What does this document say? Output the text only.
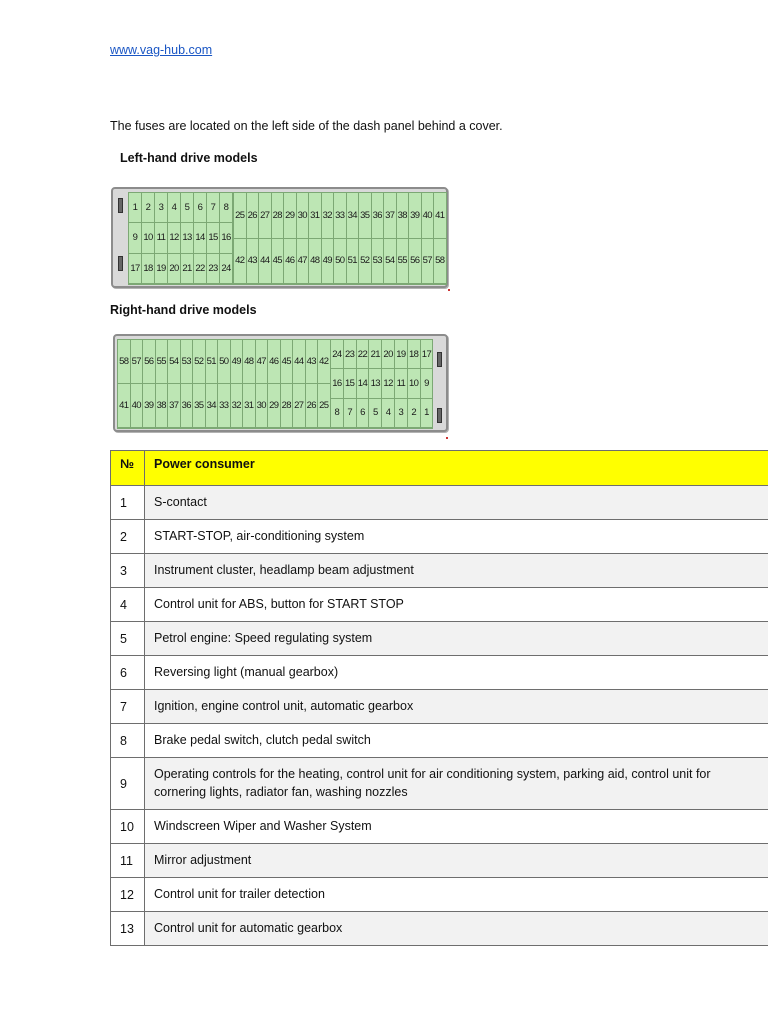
www.vag-hub.com
The fuses are located on the left side of the dash panel behind a cover.
Left-hand drive models
1 2 3 4 5 6 7 8
9 10 11 12 13 14 15 16
17 18 19 20 21 22 23 24
25 26 27 28 29 30 31 32 33 34 35 36 37 38 39 40 41
42 43 44 45 46 47 48 49 50 51 52 53 54 55 56 57 58
Right-hand drive models
58 57 56 55 54 53 52 51 50 49 48 47 46 45 44 43 42
41 40 39 38 37 36 35 34 33 32 31 30 29 28 27 26 25
24 23 22 21 20 19 18 17
16 15 14 13 12 11 10 9
8 7 6 5 4 3 2 1
№	Power consumer
1	S-contact
2	START-STOP, air-conditioning system
3	Instrument cluster, headlamp beam adjustment
4	Control unit for ABS, button for START STOP
5	Petrol engine: Speed regulating system
6	Reversing light (manual gearbox)
7	Ignition, engine control unit, automatic gearbox
8	Brake pedal switch, clutch pedal switch
9	Operating controls for the heating, control unit for air conditioning system, parking aid, control unit for cornering lights, radiator fan, washing nozzles
10	Windscreen Wiper and Washer System
11	Mirror adjustment
12	Control unit for trailer detection
13	Control unit for automatic gearbox
